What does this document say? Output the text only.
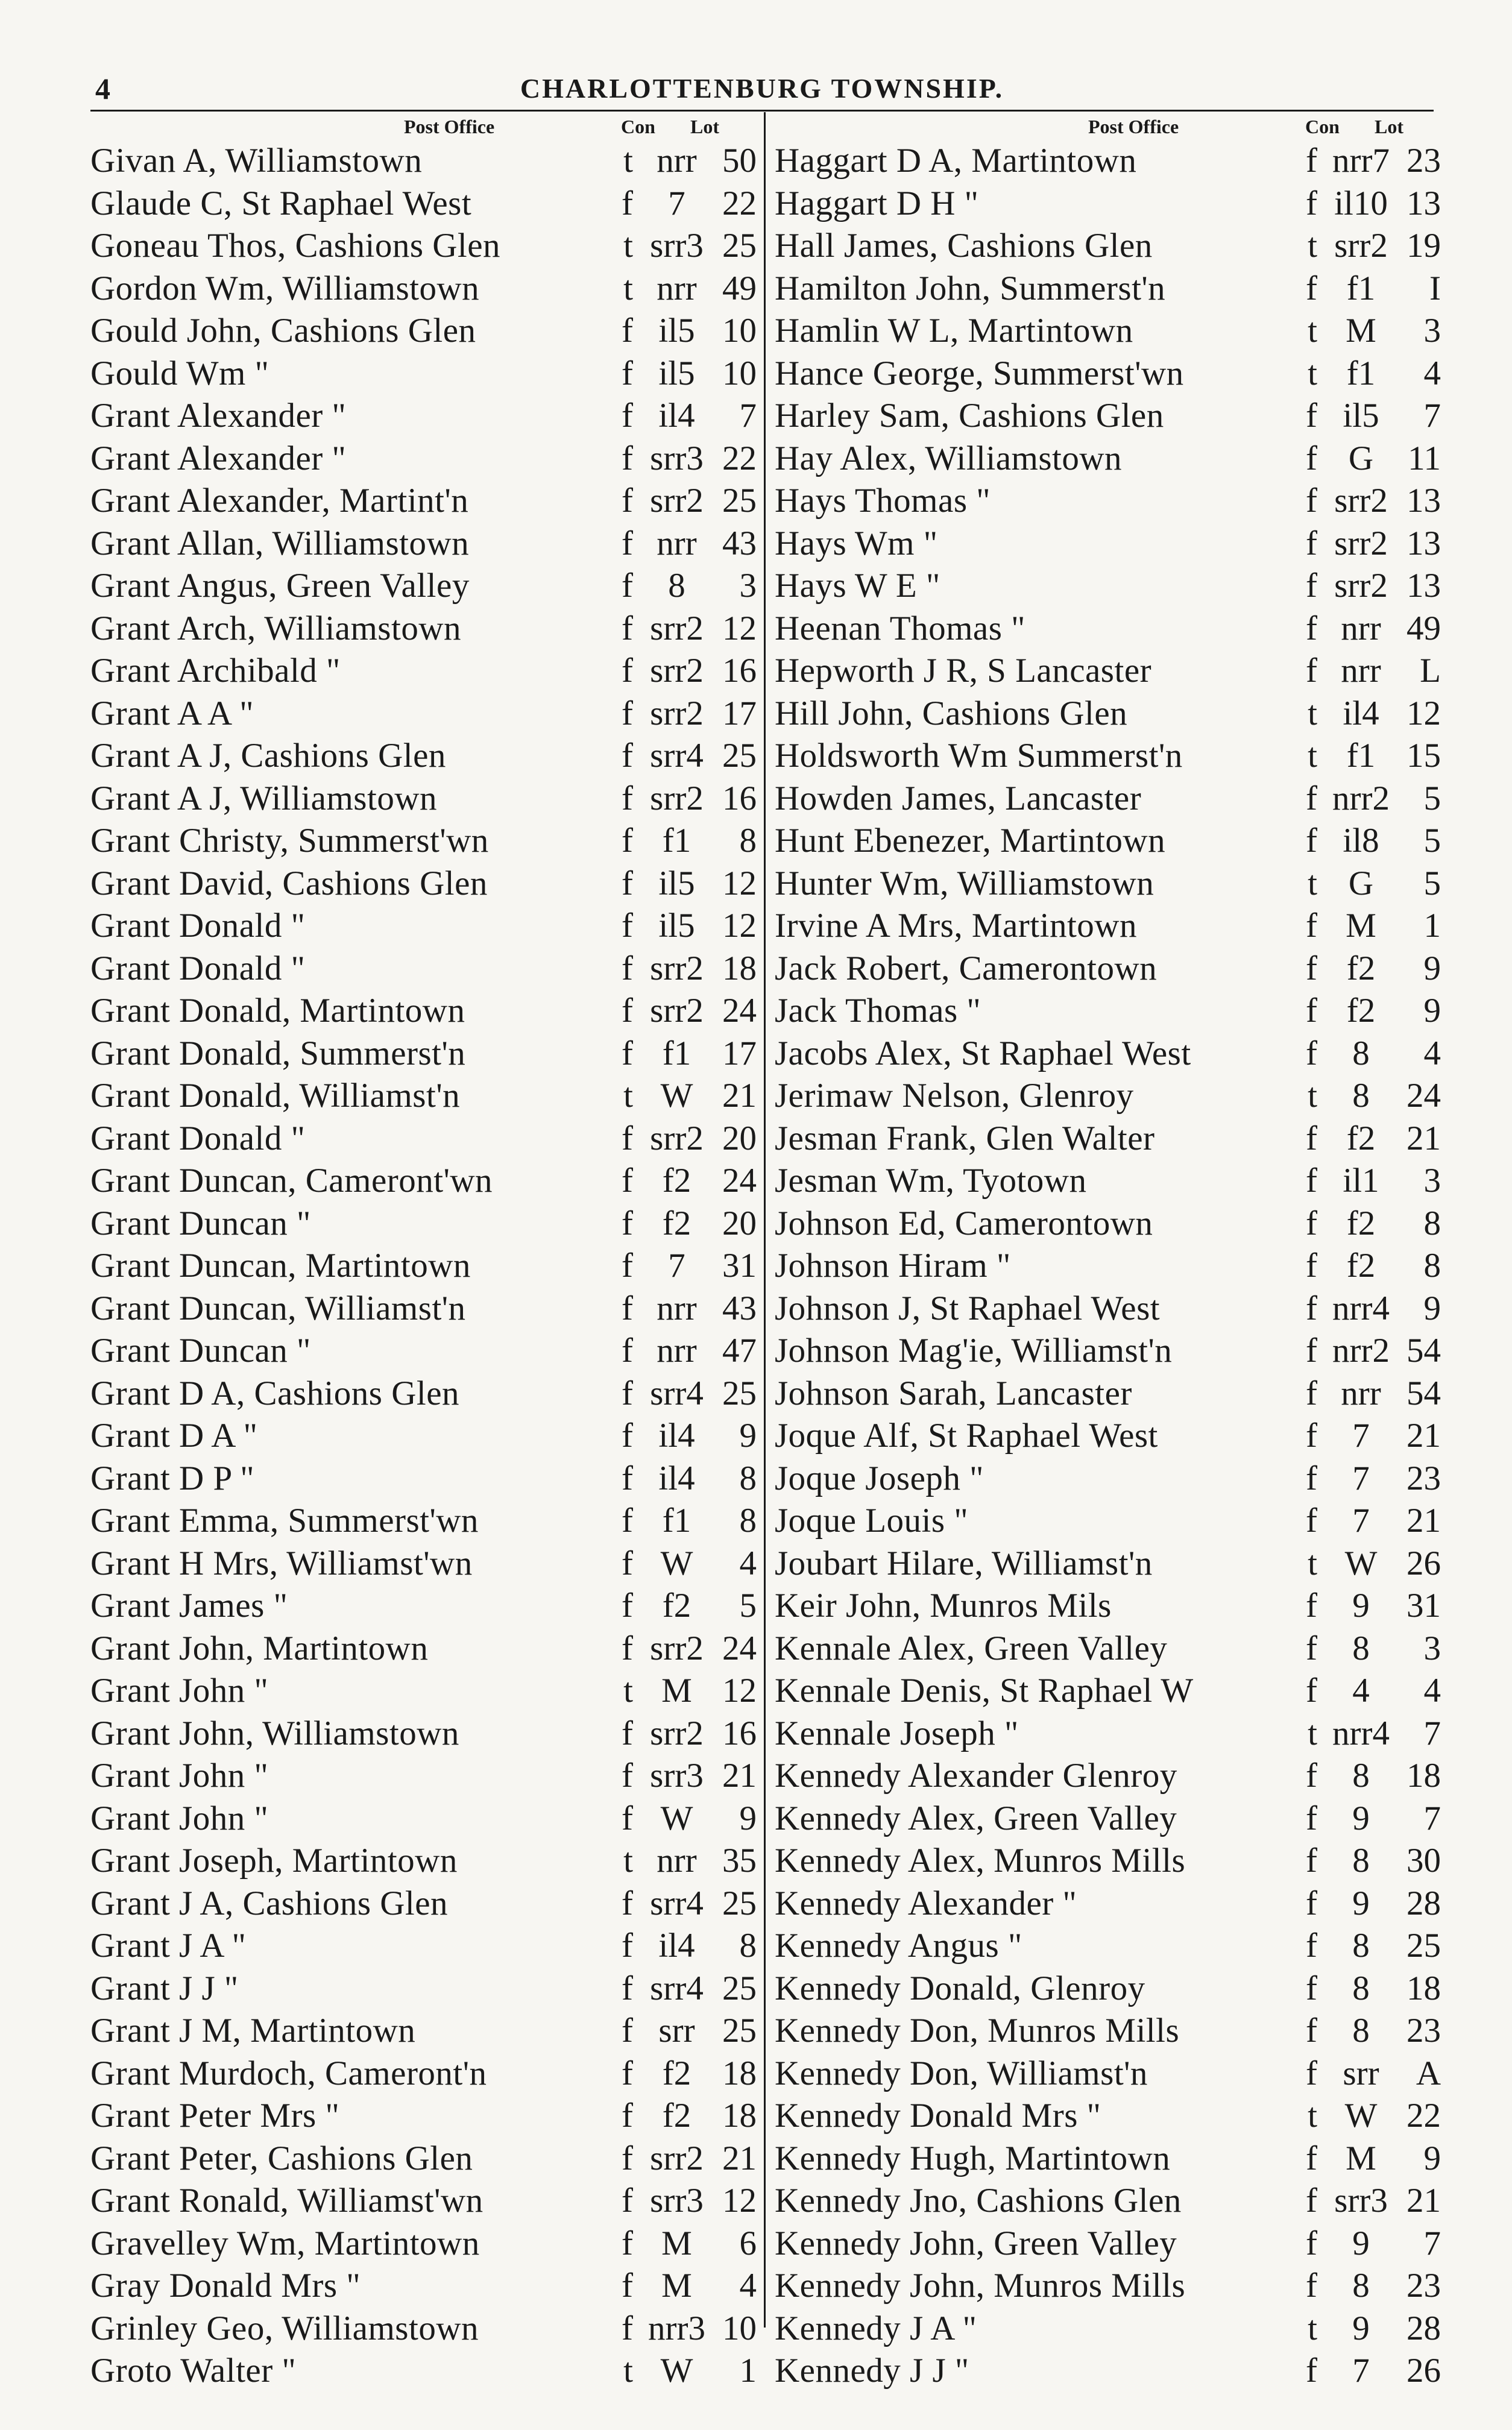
4	CHARLOTTENBURG TOWNSHIP.
Post Office	Con Lot
Givan A, Williamstown	t nrr 50
Glaude C, St Raphael West	f	7	22
Goneau Thos, Cashions Glen	t srr3 25
Gordon Wm, Williamstown	t nrr 49
Gould John, Cashions Glen	f il5 10
Gould Wm "	f il5 10
Grant Alexander "	f il4	7
Grant Alexander "	f srr3 22
Grant Alexander, Martint'n	f srr2 25
Grant Allan, Williamstown	f nrr 43
Grant Angus, Green Valley	f	8	3
Grant Arch, Williamstown	f srr2 12
Grant Archibald "	f srr2 16
Grant A A "	f srr2 17
Grant A J, Cashions Glen	f srr4 25
Grant A J, Williamstown	f srr2 16
Grant Christy, Summerst'wn	f f1	8
Grant David, Cashions Glen	f il5 12
Grant Donald "	f il5 12
Grant Donald "	f srr2 18
Grant Donald, Martintown	f srr2 24
Grant Donald, Summerst'n	f f1 17
Grant Donald, Williamst'n	t W 21
Grant Donald "	f srr2 20
Grant Duncan, Cameront'wn	f f2 24
Grant Duncan "	f f2 20
Grant Duncan, Martintown	f	7	31
Grant Duncan, Williamst'n	f nrr 43
Grant Duncan "	f nrr 47
Grant D A, Cashions Glen	f srr4 25
Grant D A "	f il4	9
Grant D P "	f il4	8
Grant Emma, Summerst'wn	f f1	8
Grant H Mrs, Williamst'wn	f W	4
Grant James "	f f2	5
Grant John, Martintown	f srr2 24
Grant John "	t M 12
Grant John, Williamstown	f srr2 16
Grant John "	f srr3 21
Grant John "	f W	9
Grant Joseph, Martintown	t nrr 35
Grant J A, Cashions Glen	f srr4 25
Grant J A "	f il4	8
Grant J J "	f srr4 25
Grant J M, Martintown	f srr 25
Grant Murdoch, Cameront'n	f f2 18
Grant Peter Mrs "	f f2 18
Grant Peter, Cashions Glen	f srr2 21
Grant Ronald, Williamst'wn	f srr3 12
Gravelley Wm, Martintown	f M	6
Gray Donald Mrs "	f M	4
Grinley Geo, Williamstown	f nrr3 10
Groto Walter "	t W	1
Post Office	Con Lot
Haggart D A, Martintown	f nrr7 23
Haggart D H "	f il10 13
Hall James, Cashions Glen	t srr2 19
Hamilton John, Summerst'n	f f1	I
Hamlin W L, Martintown	t M	3
Hance George, Summerst'wn	t f1	4
Harley Sam, Cashions Glen	f il5	7
Hay Alex, Williamstown	f G	11
Hays Thomas "	f srr2 13
Hays Wm "	f srr2 13
Hays W E "	f srr2 13
Heenan Thomas "	f nrr 49
Hepworth J R, S Lancaster	f nrr	L
Hill John, Cashions Glen	t il4 12
Holdsworth Wm Summerst'n	t f1 15
Howden James, Lancaster	f nrr2 5
Hunt Ebenezer, Martintown	f il8	5
Hunter Wm, Williamstown	t G	5
Irvine A Mrs, Martintown	f M	1
Jack Robert, Camerontown	f f2	9
Jack Thomas "	f f2	9
Jacobs Alex, St Raphael West	f	8	4
Jerimaw Nelson, Glenroy	t	8	24
Jesman Frank, Glen Walter	f f2 21
Jesman Wm, Tyotown	f il1	3
Johnson Ed, Camerontown	f f2	8
Johnson Hiram "	f f2	8
Johnson J, St Raphael West	f nrr4 9
Johnson Mag'ie, Williamst'n	f nrr2 54
Johnson Sarah, Lancaster	f nrr 54
Joque Alf, St Raphael West	f	7	21
Joque Joseph "	f	7	23
Joque Louis "	f	7	21
Joubart Hilare, Williamst'n	t W 26
Keir John, Munros Mils	f	9	31
Kennale Alex, Green Valley	f	8	3
Kennale Denis, St Raphael W	f	4	4
Kennale Joseph "	t nrr4 7
Kennedy Alexander Glenroy	f	8	18
Kennedy Alex, Green Valley	f	9	7
Kennedy Alex, Munros Mills	f	8	30
Kennedy Alexander "	f	9	28
Kennedy Angus "	f	8	25
Kennedy Donald, Glenroy	f	8	18
Kennedy Don, Munros Mills	f	8	23
Kennedy Don, Williamst'n	f srr	A
Kennedy Donald Mrs "	t W 22
Kennedy Hugh, Martintown	f M	9
Kennedy Jno, Cashions Glen	f srr3 21
Kennedy John, Green Valley	f	9	7
Kennedy John, Munros Mills	f	8	23
Kennedy J A "	t	9	28
Kennedy J J "	f	7	26
